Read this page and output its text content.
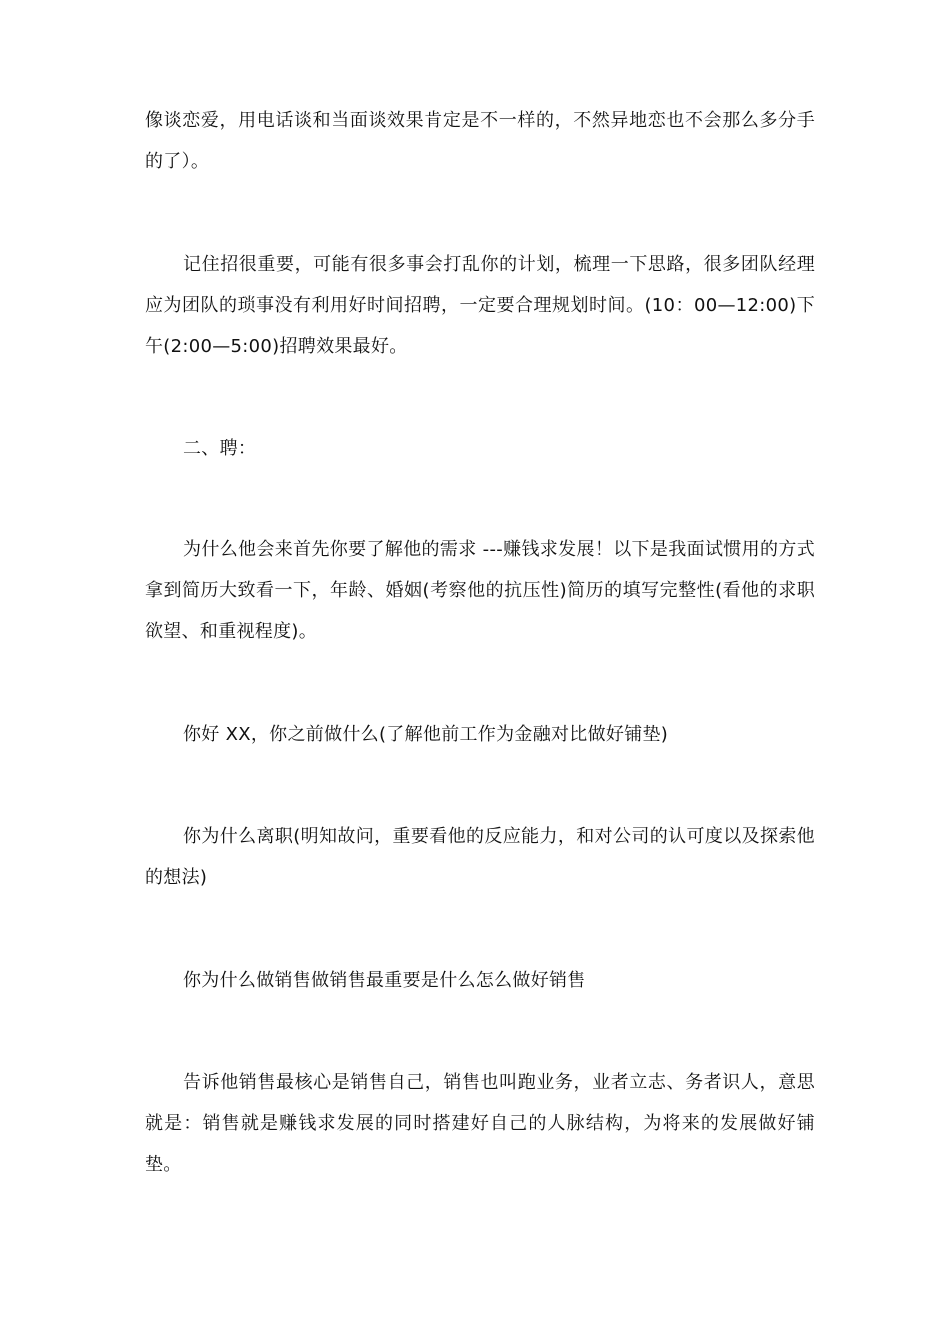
像谈恋爱，用电话谈和当面谈效果肯定是不一样的，不然异地恋也不会那么多分手的了）。

记住招很重要，可能有很多事会打乱你的计划，梳理一下思路，很多团队经理应为团队的琐事没有利用好时间招聘，一定要合理规划时间。(10：00—12:00)下午(2:00—5:00)招聘效果最好。

二、聘：

为什么他会来首先你要了解他的需求 ---赚钱求发展！以下是我面试惯用的方式拿到简历大致看一下，年龄、婚姻(考察他的抗压性)简历的填写完整性(看他的求职欲望、和重视程度)。

你好 XX，你之前做什么(了解他前工作为金融对比做好铺垫)

你为什么离职(明知故问，重要看他的反应能力，和对公司的认可度以及探索他的想法)

你为什么做销售做销售最重要是什么怎么做好销售

告诉他销售最核心是销售自己，销售也叫跑业务，业者立志、务者识人，意思就是：销售就是赚钱求发展的同时搭建好自己的人脉结构，为将来的发展做好铺垫。
